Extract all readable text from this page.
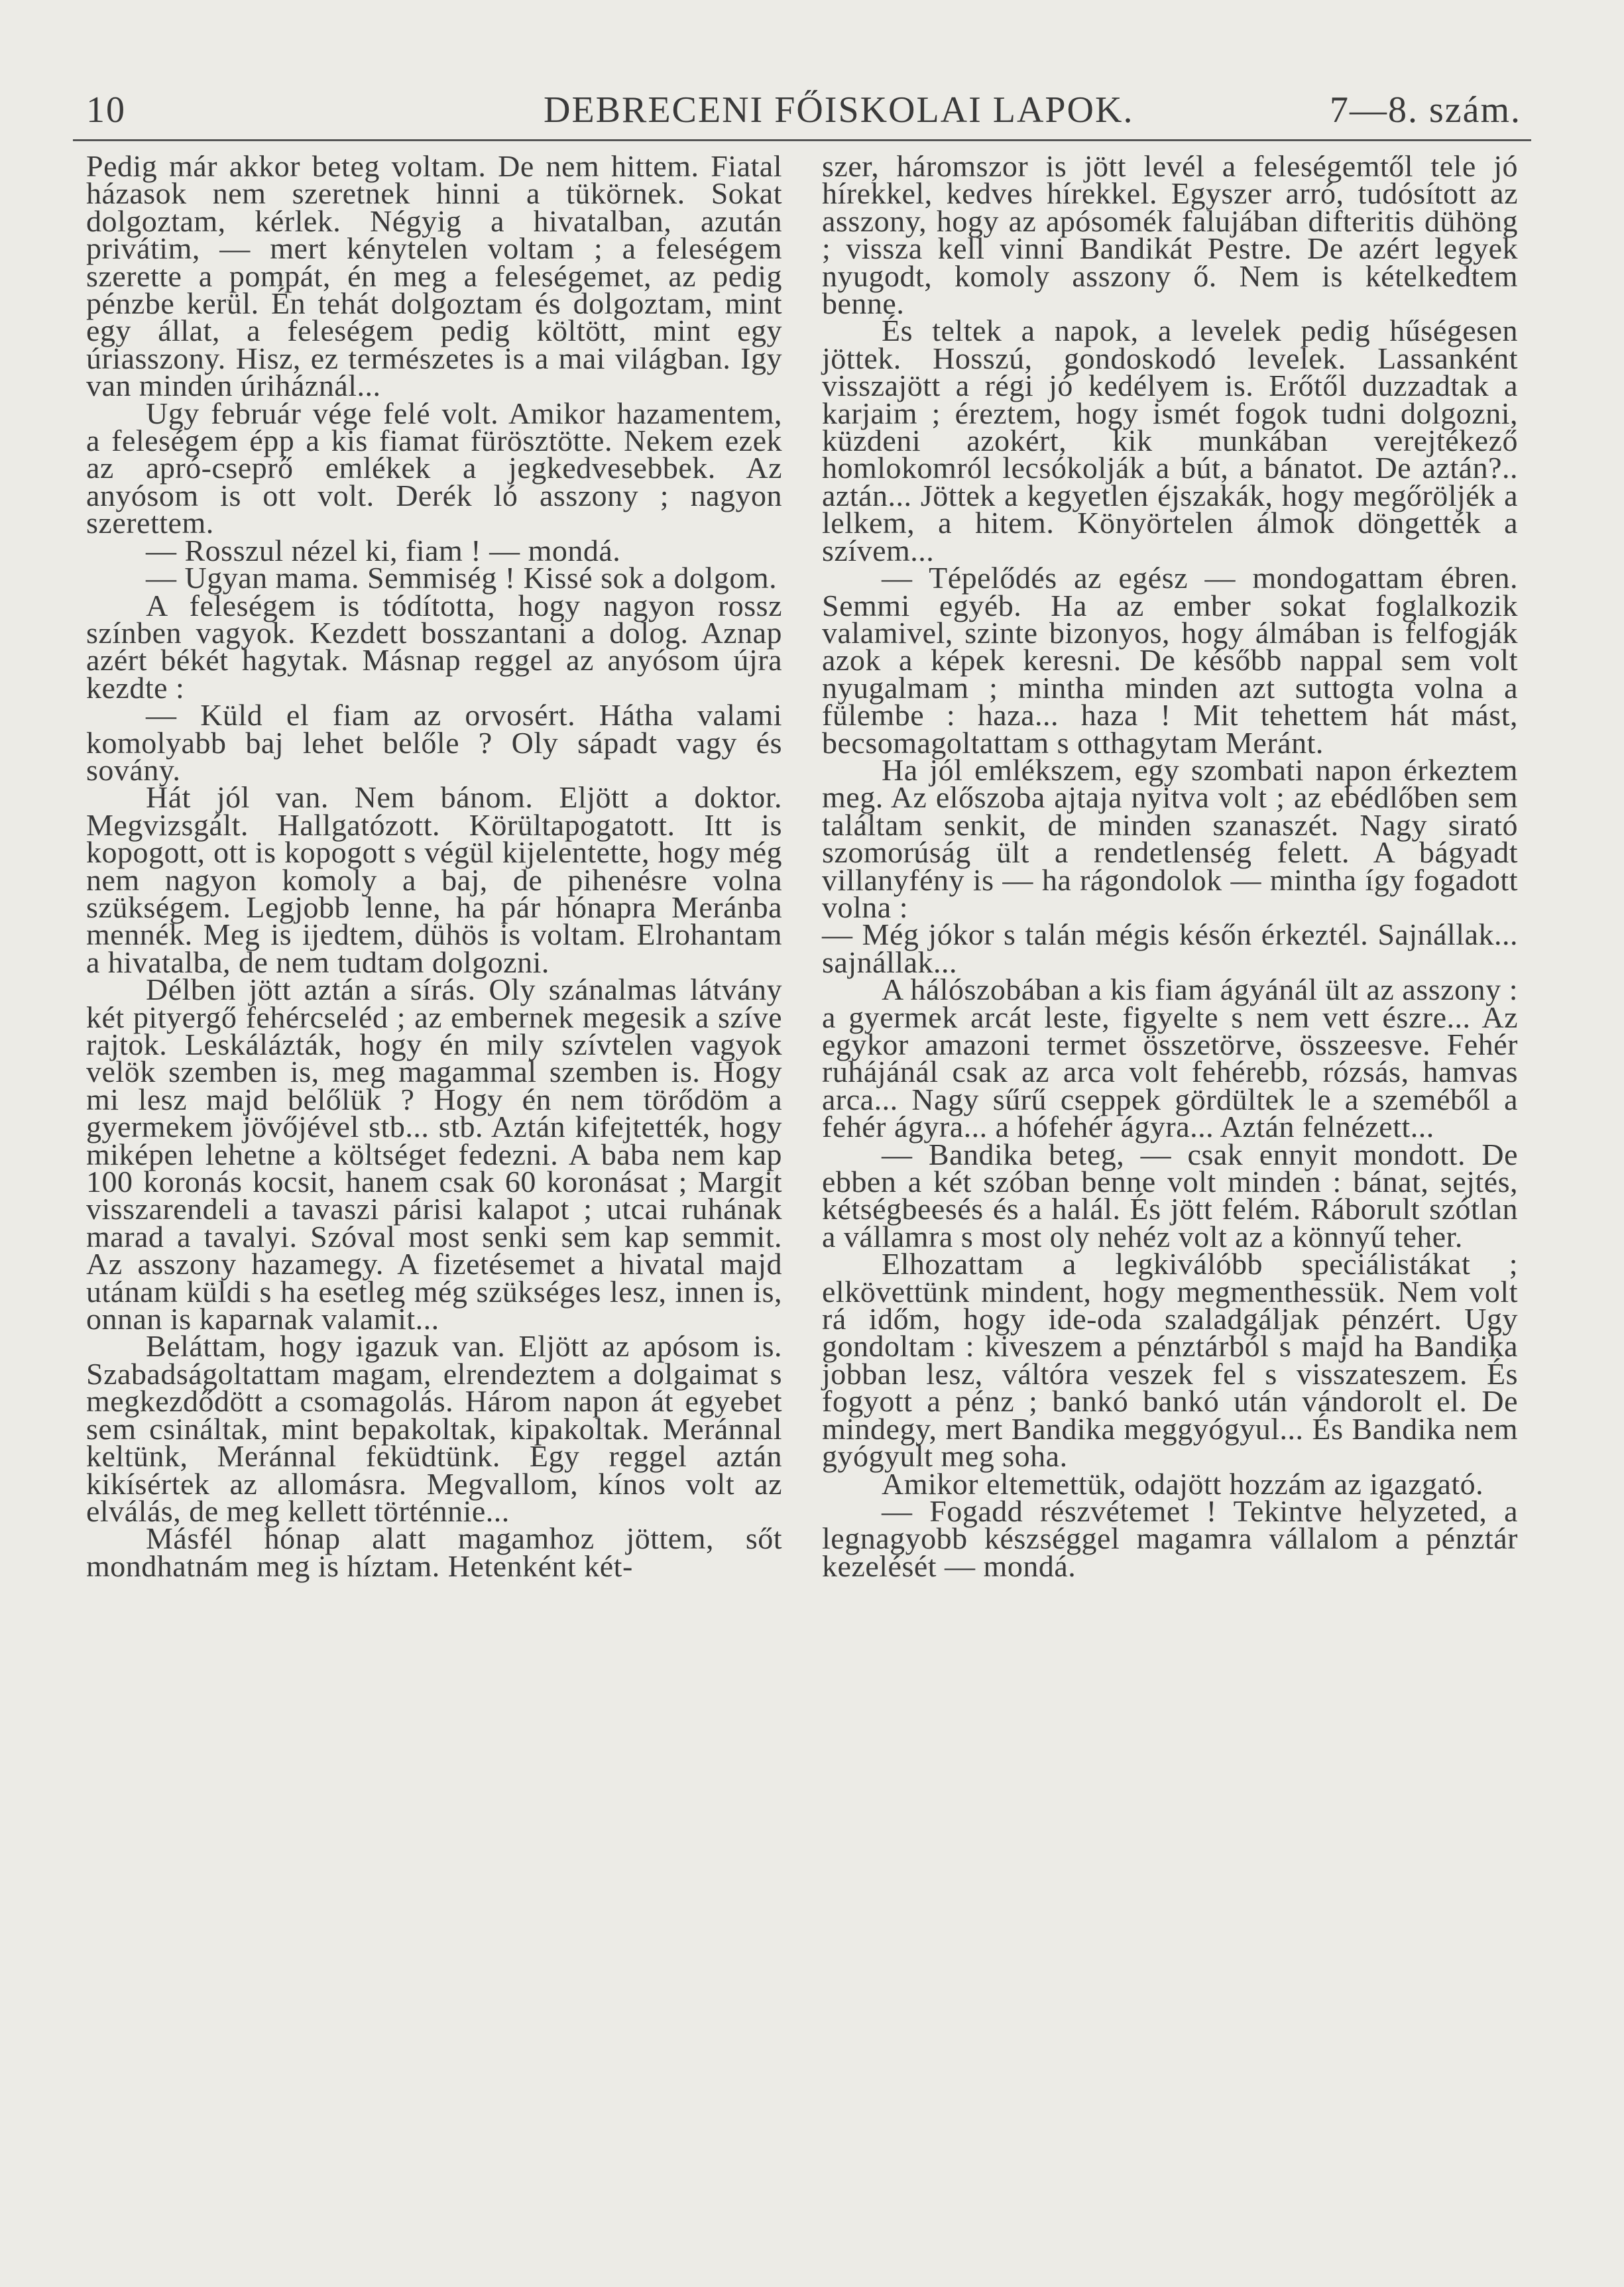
10	DEBRECENI FŐISKOLAI LAPOK.	7—8. szám.

Pedig már akkor beteg voltam. De nem hittem. Fiatal házasok nem szeretnek hinni a tükörnek. Sokat dolgoztam, kérlek. Négyig a hivatalban, azután privátim, — mert kénytelen voltam ; a feleségem szerette a pompát, én meg a feleségemet, az pedig pénzbe kerül. Én tehát dolgoztam és dolgoztam, mint egy állat, a feleségem pedig költött, mint egy úriasszony. Hisz, ez természetes is a mai világban. Igy van minden úriháznál...

Ugy február vége felé volt. Amikor hazamentem, a feleségem épp a kis fiamat fürösztötte. Nekem ezek az apró-cseprő emlékek a jegkedvesebbek. Az anyósom is ott volt. Derék ló asszony ; nagyon szerettem.

— Rosszul nézel ki, fiam ! — mondá.

— Ugyan mama. Semmiség ! Kissé sok a dolgom.

A feleségem is tódította, hogy nagyon rossz színben vagyok. Kezdett bosszantani a dolog. Aznap azért békét hagytak. Másnap reggel az anyósom újra kezdte :

— Küld el fiam az orvosért. Hátha valami komolyabb baj lehet belőle ? Oly sápadt vagy és sovány.

Hát jól van. Nem bánom. Eljött a doktor. Megvizsgált. Hallgatózott. Körültapogatott. Itt is kopogott, ott is kopogott s végül kijelentette, hogy még nem nagyon komoly a baj, de pihenésre volna szükségem. Legjobb lenne, ha pár hónapra Meránba mennék. Meg is ijedtem, dühös is voltam. Elrohantam a hivatalba, de nem tudtam dolgozni.

Délben jött aztán a sírás. Oly szánalmas látvány két pityergő fehércseléd ; az embernek megesik a szíve rajtok. Leskálázták, hogy én mily szívtelen vagyok velök szemben is, meg magammal szemben is. Hogy mi lesz majd belőlük ? Hogy én nem törődöm a gyermekem jövőjével stb... stb. Aztán kifejtették, hogy miképen lehetne a költséget fedezni. A baba nem kap 100 koronás kocsit, hanem csak 60 koronásat ; Margit visszarendeli a tavaszi párisi kalapot ; utcai ruhának marad a tavalyi. Szóval most senki sem kap semmit. Az asszony hazamegy. A fizetésemet a hivatal majd utánam küldi s ha esetleg még szükséges lesz, innen is, onnan is kaparnak valamit...

Beláttam, hogy igazuk van. Eljött az apósom is. Szabadságoltattam magam, elrendeztem a dolgaimat s megkezdődött a csomagolás. Három napon át egyebet sem csináltak, mint bepakoltak, kipakoltak. Meránnal keltünk, Meránnal feküdtünk. Egy reggel aztán kikísértek az allomásra. Megvallom, kínos volt az elválás, de meg kellett történnie...

Másfél hónap alatt magamhoz jöttem, sőt mondhatnám meg is híztam. Hetenként két-

szer, háromszor is jött levél a feleségemtől tele jó hírekkel, kedves hírekkel. Egyszer arró, tudósított az asszony, hogy az apósomék falujában difteritis dühöng ; vissza kell vinni Bandikát Pestre. De azért legyek nyugodt, komoly asszony ő. Nem is kételkedtem benne.

És teltek a napok, a levelek pedig hűségesen jöttek. Hosszú, gondoskodó levelek. Lassanként visszajött a régi jó kedélyem is. Erőtől duzzadtak a karjaim ; éreztem, hogy ismét fogok tudni dolgozni, küzdeni azokért, kik munkában verejtékező homlokomról lecsókolják a bút, a bánatot. De aztán?.. aztán... Jöttek a kegyetlen éjszakák, hogy megőröljék a lelkem, a hitem. Könyörtelen álmok döngették a szívem...

— Tépelődés az egész — mondogattam ébren. Semmi egyéb. Ha az ember sokat foglalkozik valamivel, szinte bizonyos, hogy álmában is felfogják azok a képek keresni. De később nappal sem volt nyugalmam ; mintha minden azt suttogta volna a fülembe : haza... haza ! Mit tehettem hát mást, becsomagoltattam s otthagytam Meránt.

Ha jól emlékszem, egy szombati napon érkeztem meg. Az előszoba ajtaja nyitva volt ; az ebédlőben sem találtam senkit, de minden szanaszét. Nagy sirató szomorúság ült a rendetlenség felett. A bágyadt villanyfény is — ha rágondolok — mintha így fogadott volna :

— Még jókor s talán mégis későn érkeztél. Sajnállak... sajnállak...

A hálószobában a kis fiam ágyánál ült az asszony : a gyermek arcát leste, figyelte s nem vett észre... Az egykor amazoni termet összetörve, összeesve. Fehér ruhájánál csak az arca volt fehérebb, rózsás, hamvas arca... Nagy sűrű cseppek gördültek le a szeméből a fehér ágyra... a hófehér ágyra... Aztán felnézett...

— Bandika beteg, — csak ennyit mondott. De ebben a két szóban benne volt minden : bánat, sejtés, kétségbeesés és a halál. És jött felém. Ráborult szótlan a vállamra s most oly nehéz volt az a könnyű teher.

Elhozattam a legkiválóbb speciálistákat ; elkövettünk mindent, hogy megmenthessük. Nem volt rá időm, hogy ide-oda szaladgáljak pénzért. Ugy gondoltam : kiveszem a pénztárból s majd ha Bandika jobban lesz, váltóra veszek fel s visszateszem. És fogyott a pénz ; bankó bankó után vándorolt el. De mindegy, mert Bandika meggyógyul... És Bandika nem gyógyult meg soha.

Amikor eltemettük, odajött hozzám az igazgató.

— Fogadd részvétemet ! Tekintve helyzeted, a legnagyobb készséggel magamra vállalom a pénztár kezelését — mondá.
